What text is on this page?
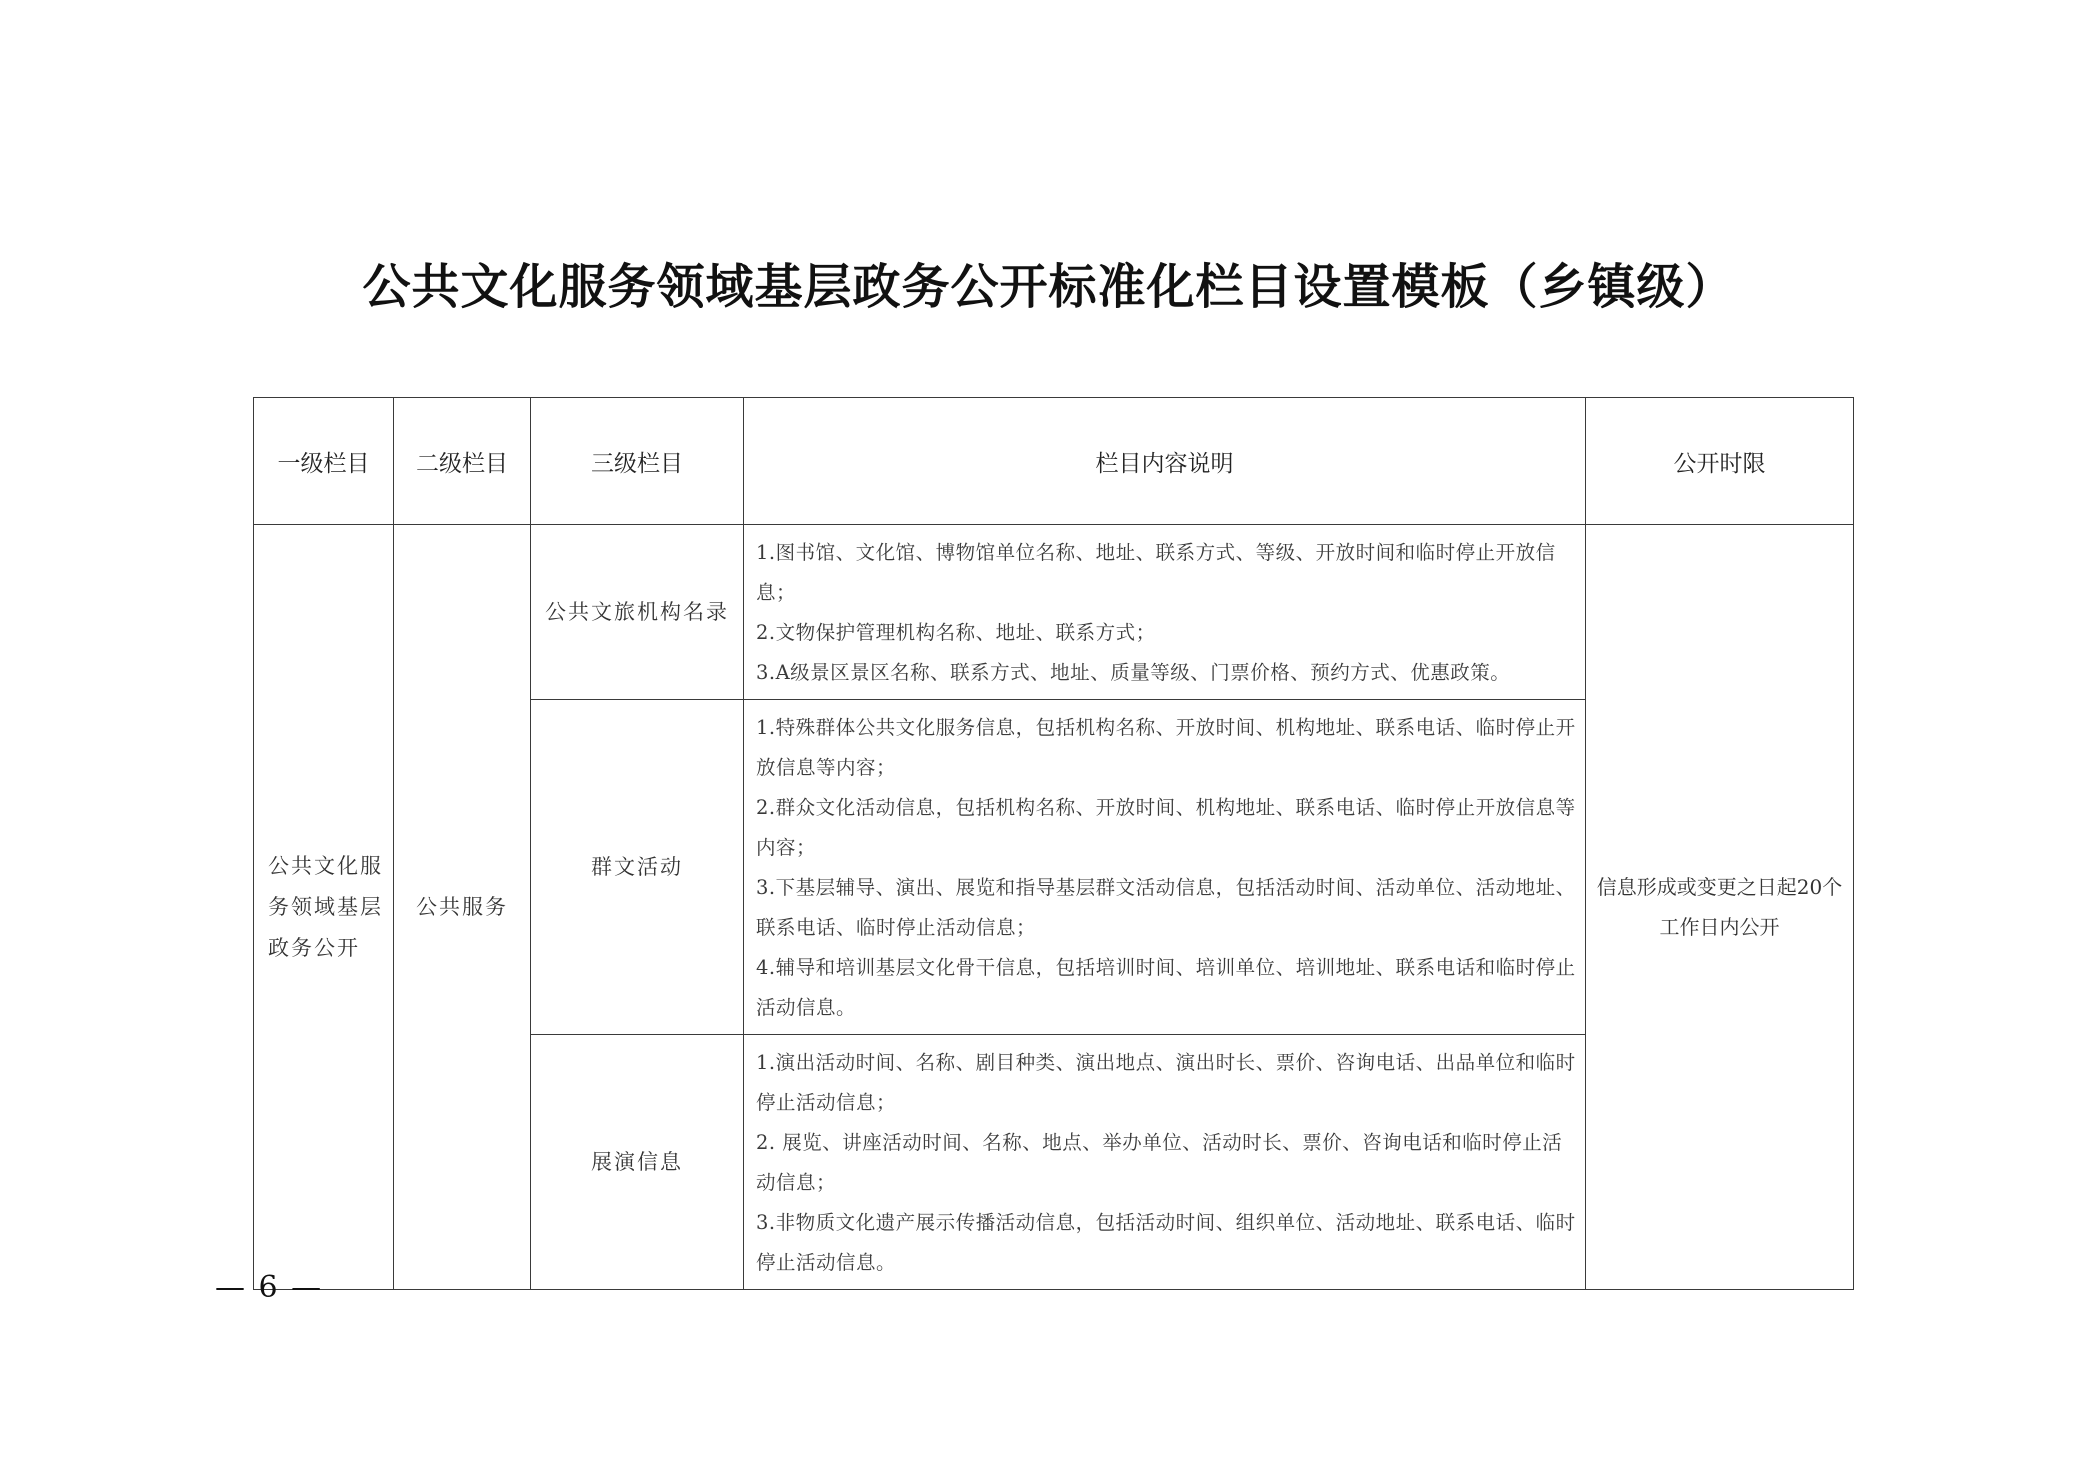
公共文化服务领域基层政务公开标准化栏目设置模板（乡镇级）
一级栏目	二级栏目	三级栏目	栏目内容说明	公开时限
公共文化服务领域基层政务公开	公共服务	公共文旅机构名录	1.图书馆、文化馆、博物馆单位名称、地址、联系方式、等级、开放时间和临时停止开放信息；

2.文物保护管理机构名称、地址、联系方式；

3.A级景区景区名称、联系方式、地址、质量等级、门票价格、预约方式、优惠政策。	信息形成或变更之日起20个工作日内公开
		群文活动	1.特殊群体公共文化服务信息，包括机构名称、开放时间、机构地址、联系电话、临时停止开放信息等内容；

2.群众文化活动信息，包括机构名称、开放时间、机构地址、联系电话、临时停止开放信息等内容；

3.下基层辅导、演出、展览和指导基层群文活动信息，包括活动时间、活动单位、活动地址、联系电话、临时停止活动信息；

4.辅导和培训基层文化骨干信息，包括培训时间、培训单位、培训地址、联系电话和临时停止活动信息。	

		展演信息	1.演出活动时间、名称、剧目种类、演出地点、演出时长、票价、咨询电话、出品单位和临时停止活动信息；

2. 展览、讲座活动时间、名称、地点、举办单位、活动时长、票价、咨询电话和临时停止活动信息；

3.非物质文化遗产展示传播活动信息，包括活动时间、组织单位、活动地址、联系电话、临时停止活动信息。	

— 6 —
